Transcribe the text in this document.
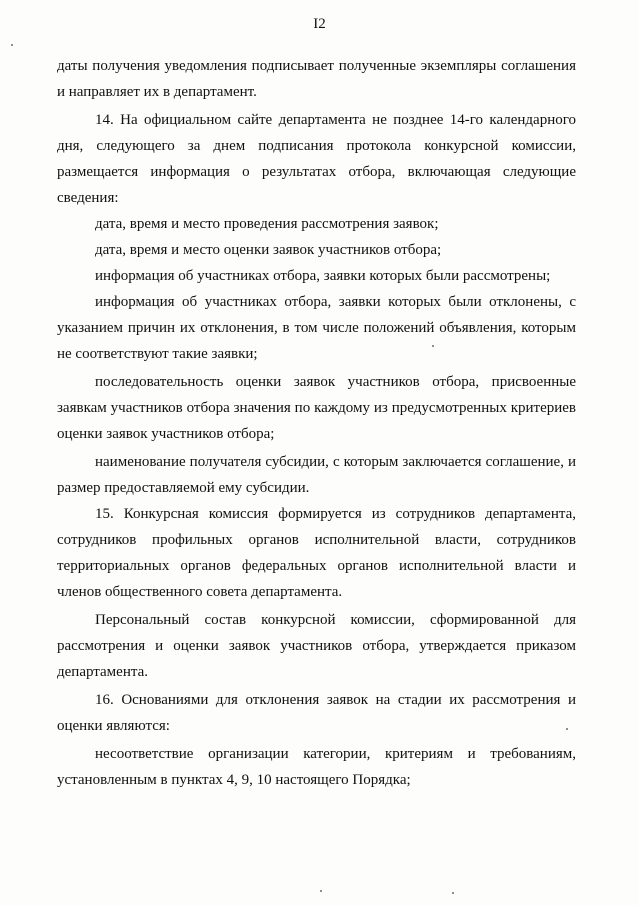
I2

даты получения уведомления подписывает полученные экземпляры соглашения и направляет их в департамент.

14. На официальном сайте департамента не позднее 14-го календарного дня, следующего за днем подписания протокола конкурсной комиссии, размещается информация о результатах отбора, включающая следующие сведения:

дата, время и место проведения рассмотрения заявок;

дата, время и место оценки заявок участников отбора;

информация об участниках отбора, заявки которых были рассмотрены;

информация об участниках отбора, заявки которых были отклонены, с указанием причин их отклонения, в том числе положений объявления, которым не соответствуют такие заявки;

последовательность оценки заявок участников отбора, присвоенные заявкам участников отбора значения по каждому из предусмотренных критериев оценки заявок участников отбора;

наименование получателя субсидии, с которым заключается соглашение, и размер предоставляемой ему субсидии.

15. Конкурсная комиссия формируется из сотрудников департамента, сотрудников профильных органов исполнительной власти, сотрудников территориальных органов федеральных органов исполнительной власти и членов общественного совета департамента.

Персональный состав конкурсной комиссии, сформированной для рассмотрения и оценки заявок участников отбора, утверждается приказом департамента.

16. Основаниями для отклонения заявок на стадии их рассмотрения и оценки являются:

несоответствие организации категории, критериям и требованиям, установленным в пунктах 4, 9, 10 настоящего Порядка;
